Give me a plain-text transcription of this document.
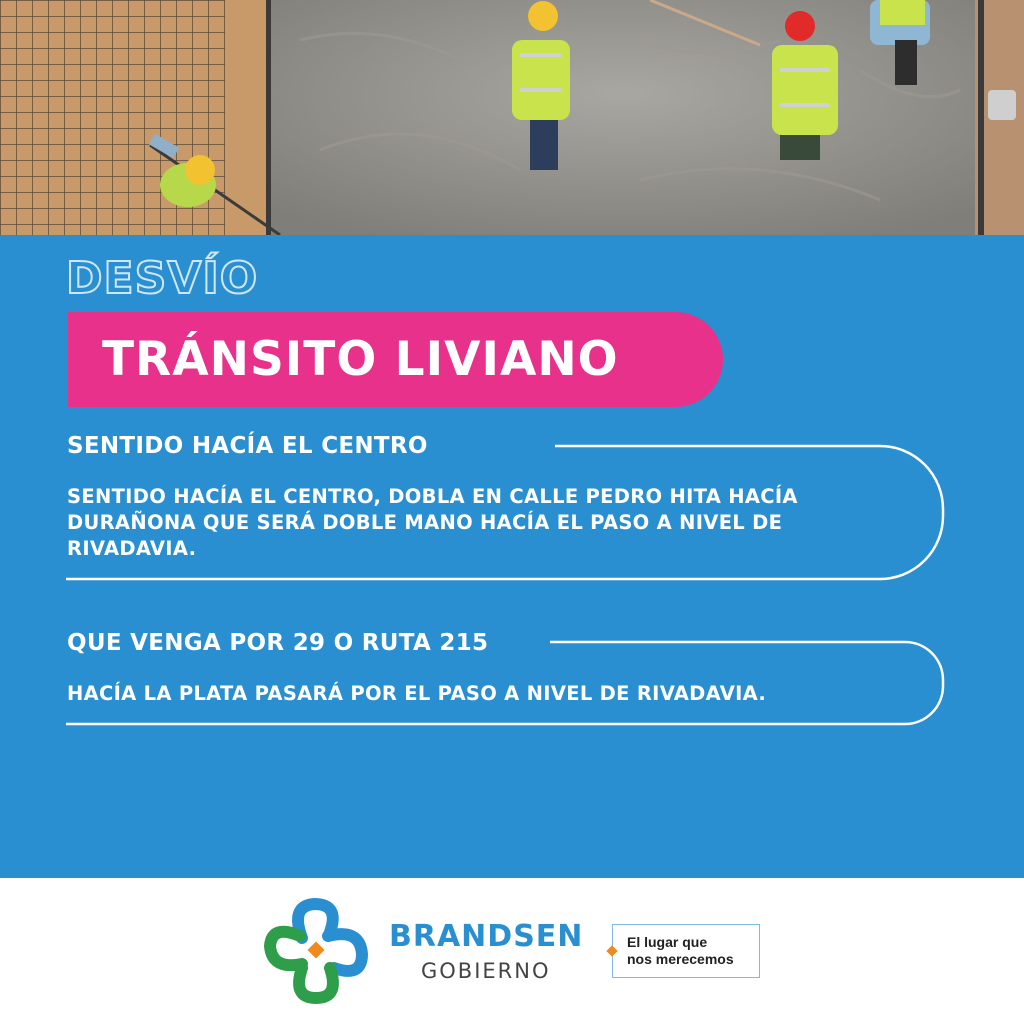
DESVÍO
TRÁNSITO LIVIANO
SENTIDO HACÍA EL CENTRO
SENTIDO HACÍA EL CENTRO, DOBLA EN CALLE PEDRO HITA HACÍA DURAÑONA QUE SERÁ DOBLE MANO HACÍA EL PASO A NIVEL DE RIVADAVIA.
QUE VENGA POR 29 O RUTA 215
HACÍA LA PLATA PASARÁ POR EL PASO A NIVEL DE RIVADAVIA.
BRANDSEN
GOBIERNO
El lugar que
nos merecemos
